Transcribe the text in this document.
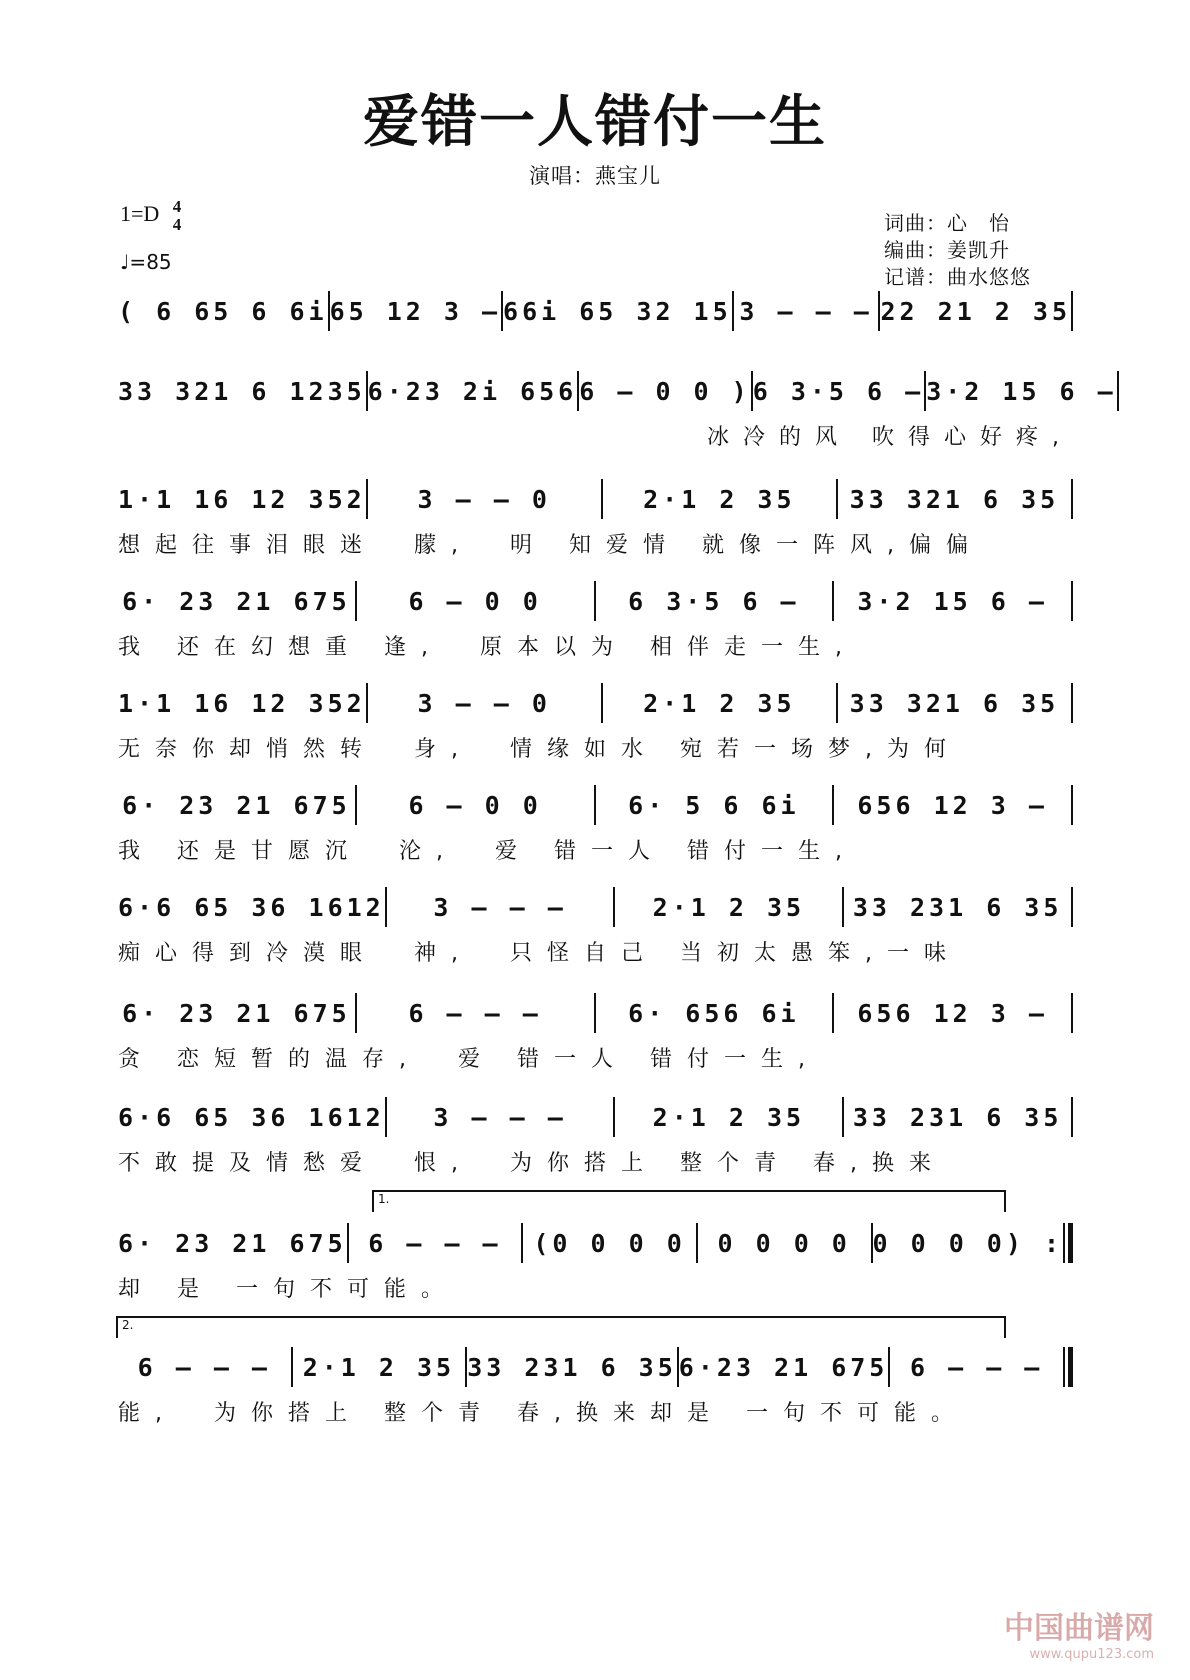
爱错一人错付一生
演唱：燕宝儿
1=D 4
4
♩=85
词曲：心　怡
编曲：姜凯升
记谱：曲水悠悠
( 6 65 6 6i 65 12 3 – 66i 65 32 15 3 – – – 22 21 2 35
33 321 6 1235 6·23 2i 656 6 – 0 0 ) 6 3·5 6 – 3·2 15 6 –
冰冷的风 吹得心好疼,
1·1 16 12 352	3 – – 0	2·1 2 35	33 321 6 35
想起往事泪眼迷　朦,　明 知爱情 就像一阵风,偏偏
6· 23 21 675	6 – 0 0	6 3·5 6 –	3·2 15 6 –
我 还在幻想重 逢,　原本以为 相伴走一生,
1·1 16 12 352	3 – – 0	2·1 2 35	33 321 6 35
无奈你却悄然转　身,　情缘如水 宛若一场梦,为何
6· 23 21 675	6 – 0 0	6· 5 6 6i	656 12 3 –
我 还是甘愿沉　沦,　爱 错一人 错付一生,
6·6 65 36 1612	3 – – –	2·1 2 35	33 231 6 35
痴心得到冷漠眼　神,　只怪自己 当初太愚笨,一味
6· 23 21 675	6 – – –	6· 656 6i	656 12 3 –
贪 恋短暂的温存,　爱 错一人 错付一生,
6·6 65 36 1612	3 – – –	2·1 2 35	33 231 6 35
不敢提及情愁爱　恨,　为你搭上 整个青 春,换来
6· 23 21 675 6 – – –	(0 0 0 0	0 0 0 0 0 0 0 0) :
却 是 一句不可能。
6 – – –	2·1 2 35 33 231 6 35 6·23 21 675 6 – – –
能,　为你搭上 整个青 春,换来却是 一句不可能。
1.
2.
中国曲谱网
www.qupu123.com
